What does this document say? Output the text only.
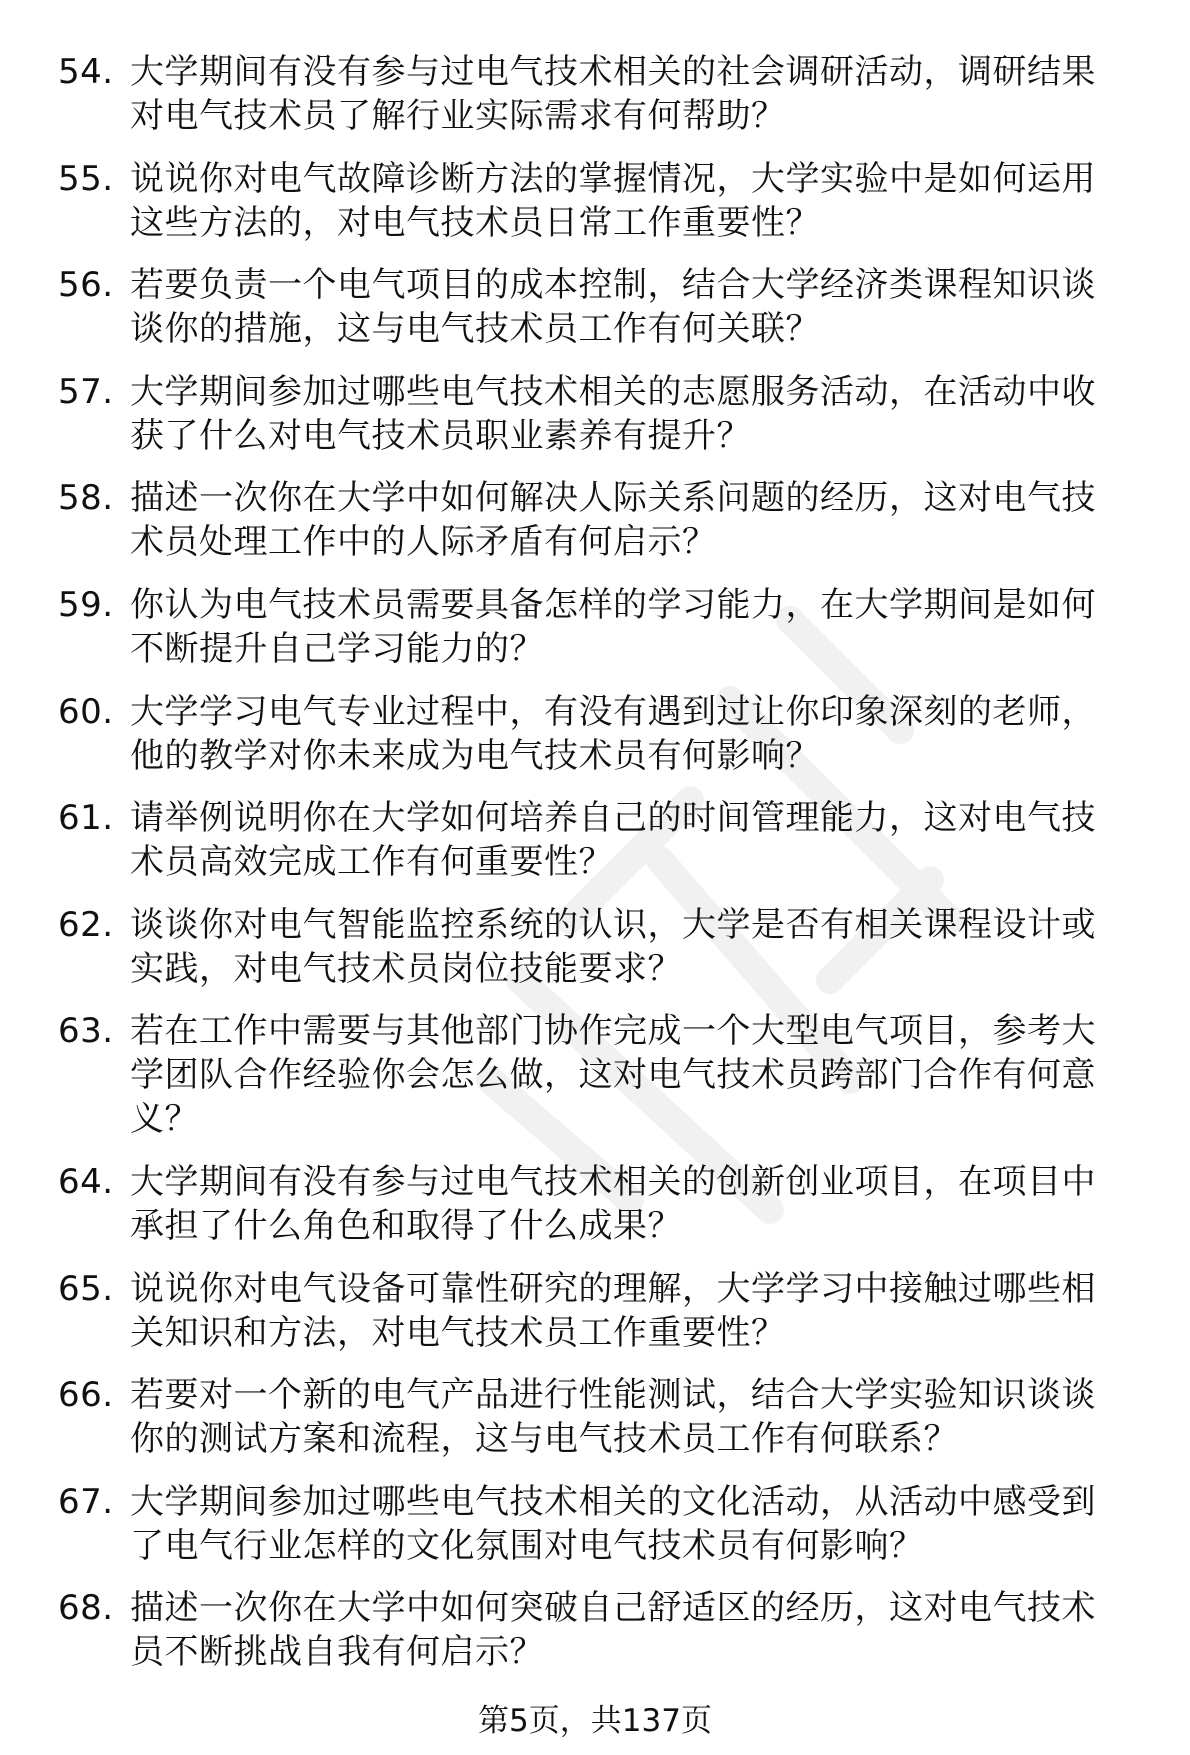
54. 大学期间有没有参与过电气技术相关的社会调研活动，调研结果
对电气技术员了解行业实际需求有何帮助？
55. 说说你对电气故障诊断方法的掌握情况，大学实验中是如何运用
这些方法的，对电气技术员日常工作重要性？
56. 若要负责一个电气项目的成本控制，结合大学经济类课程知识谈
谈你的措施，这与电气技术员工作有何关联？
57. 大学期间参加过哪些电气技术相关的志愿服务活动，在活动中收
获了什么对电气技术员职业素养有提升？
58. 描述一次你在大学中如何解决人际关系问题的经历，这对电气技
术员处理工作中的人际矛盾有何启示？
59. 你认为电气技术员需要具备怎样的学习能力，在大学期间是如何
不断提升自己学习能力的？
60. 大学学习电气专业过程中，有没有遇到过让你印象深刻的老师，
他的教学对你未来成为电气技术员有何影响？
61. 请举例说明你在大学如何培养自己的时间管理能力，这对电气技
术员高效完成工作有何重要性？
62. 谈谈你对电气智能监控系统的认识，大学是否有相关课程设计或
实践，对电气技术员岗位技能要求？
63. 若在工作中需要与其他部门协作完成一个大型电气项目，参考大
学团队合作经验你会怎么做，这对电气技术员跨部门合作有何意
义？
64. 大学期间有没有参与过电气技术相关的创新创业项目，在项目中
承担了什么角色和取得了什么成果？
65. 说说你对电气设备可靠性研究的理解，大学学习中接触过哪些相
关知识和方法，对电气技术员工作重要性？
66. 若要对一个新的电气产品进行性能测试，结合大学实验知识谈谈
你的测试方案和流程，这与电气技术员工作有何联系？
67. 大学期间参加过哪些电气技术相关的文化活动，从活动中感受到
了电气行业怎样的文化氛围对电气技术员有何影响？
68. 描述一次你在大学中如何突破自己舒适区的经历，这对电气技术
员不断挑战自我有何启示？
第5页，共137页
